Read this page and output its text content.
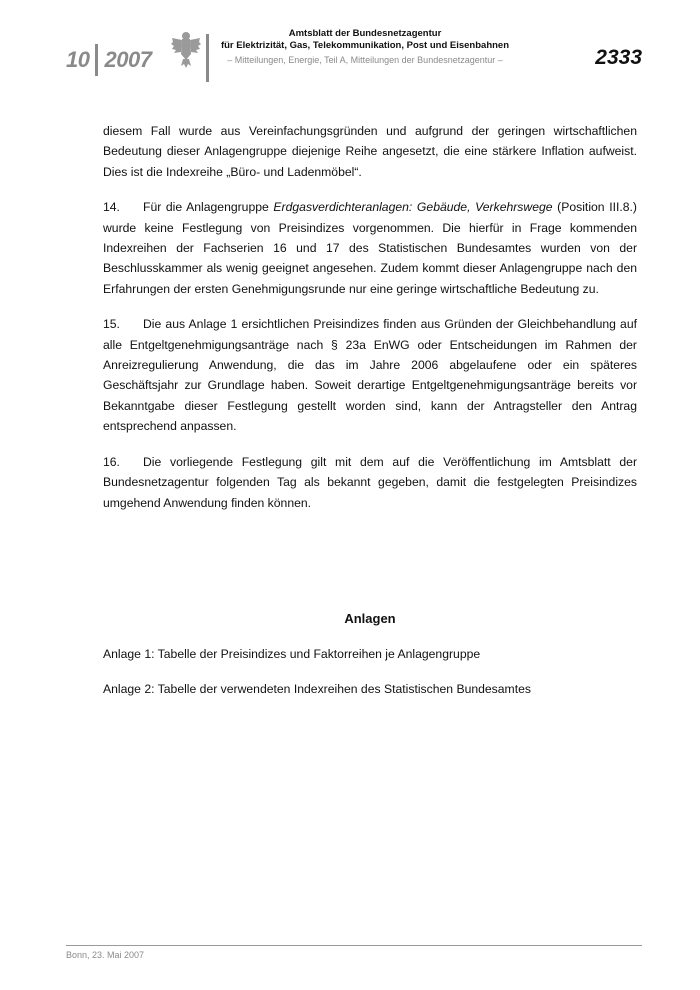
10 2007
Amtsblatt der Bundesnetzagentur
für Elektrizität, Gas, Telekommunikation, Post und Eisenbahnen
– Mitteilungen, Energie, Teil A, Mitteilungen der Bundesnetzagentur –	2333

diesem Fall wurde aus Vereinfachungsgründen und aufgrund der geringen wirtschaftlichen Bedeutung dieser Anlagengruppe diejenige Reihe angesetzt, die eine stärkere Inflation aufweist. Dies ist die Indexreihe „Büro- und Ladenmöbel“.

14. Für die Anlagengruppe Erdgasverdichteranlagen: Gebäude, Verkehrswege (Position III.8.) wurde keine Festlegung von Preisindizes vorgenommen. Die hierfür in Frage kommenden Indexreihen der Fachserien 16 und 17 des Statistischen Bundesamtes wurden von der Beschlusskammer als wenig geeignet angesehen. Zudem kommt dieser Anlagengruppe nach den Erfahrungen der ersten Genehmigungsrunde nur eine geringe wirtschaftliche Bedeutung zu.

15. Die aus Anlage 1 ersichtlichen Preisindizes finden aus Gründen der Gleichbehandlung auf alle Entgeltgenehmigungsanträge nach § 23a EnWG oder Entscheidungen im Rahmen der Anreizregulierung Anwendung, die das im Jahre 2006 abgelaufene oder ein späteres Geschäftsjahr zur Grundlage haben. Soweit derartige Entgeltgenehmigungsanträge bereits vor Bekanntgabe dieser Festlegung gestellt worden sind, kann der Antragsteller den Antrag entsprechend anpassen.

16. Die vorliegende Festlegung gilt mit dem auf die Veröffentlichung im Amtsblatt der Bundesnetzagentur folgenden Tag als bekannt gegeben, damit die festgelegten Preisindizes umgehend Anwendung finden können.

Anlagen
Anlage 1: Tabelle der Preisindizes und Faktorreihen je Anlagengruppe
Anlage 2: Tabelle der verwendeten Indexreihen des Statistischen Bundesamtes
Bonn, 23. Mai 2007
